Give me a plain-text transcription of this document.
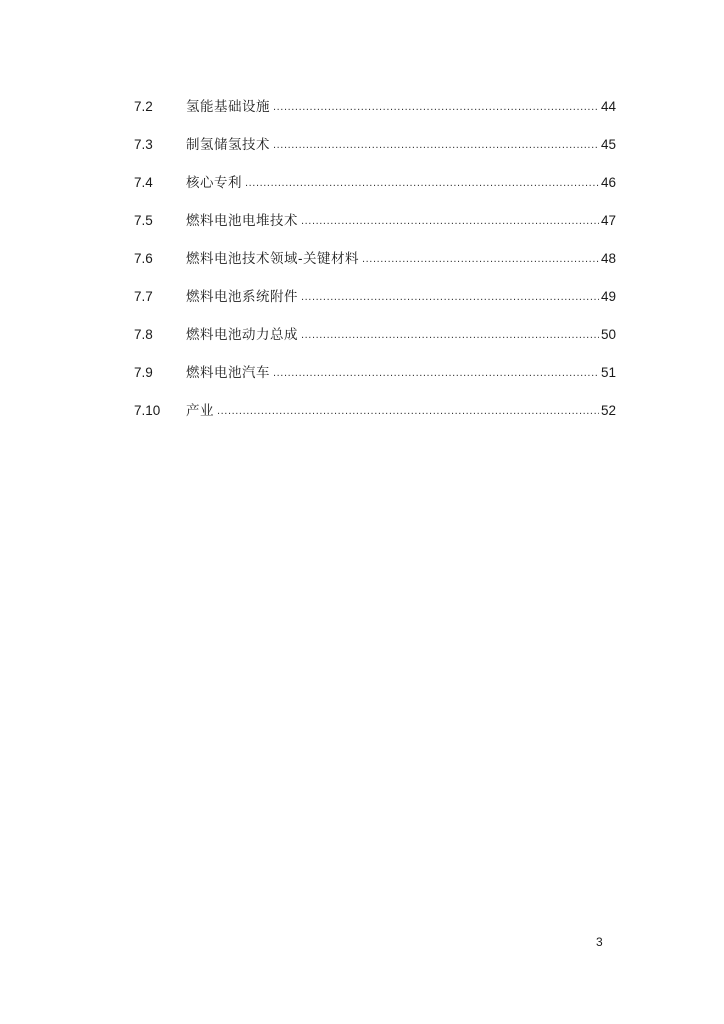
7.2	氢能基础设施 .....	44
7.3	制氢储氢技术 .....	45
7.4	核心专利 .....	46
7.5	燃料电池电堆技术 .....	47
7.6	燃料电池技术领域-关键材料 .....	48
7.7	燃料电池系统附件 .....	49
7.8	燃料电池动力总成 .....	50
7.9	燃料电池汽车 .....	51
7.10	产业 .....	52
3
